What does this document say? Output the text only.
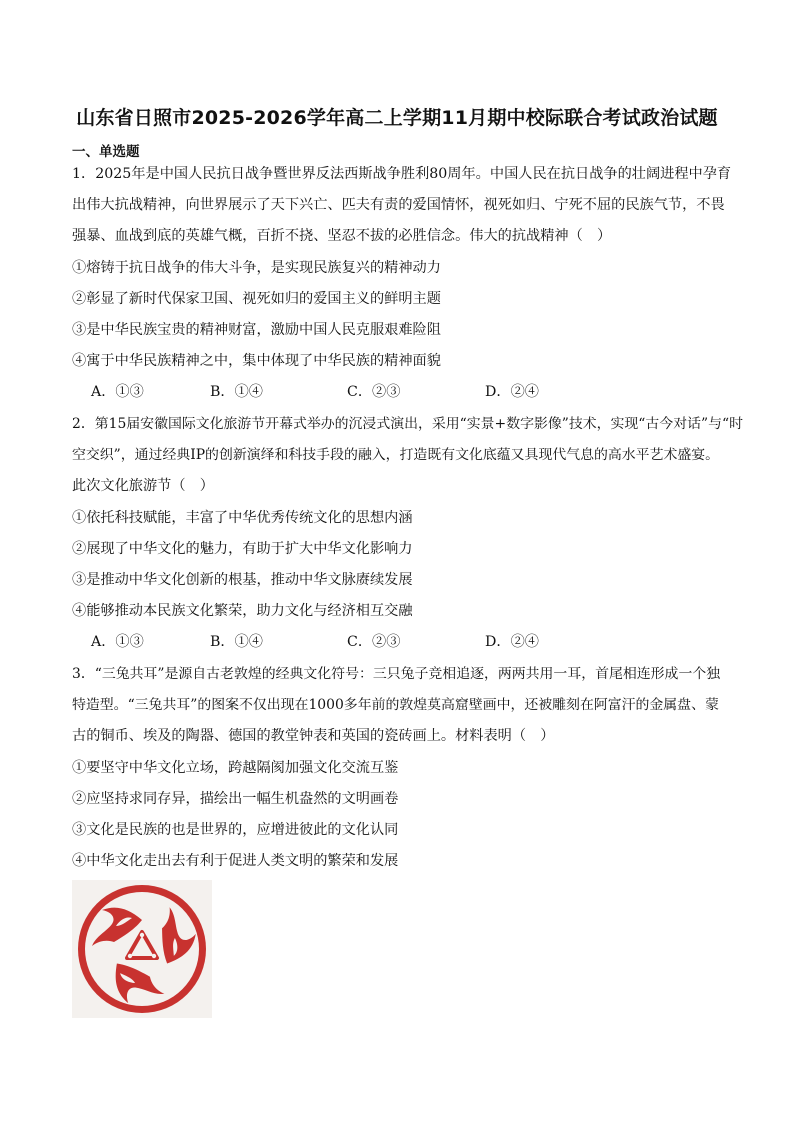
山东省日照市2025-2026学年高二上学期11月期中校际联合考试政治试题
一、单选题
1．2025年是中国人民抗日战争暨世界反法西斯战争胜利80周年。中国人民在抗日战争的壮阔进程中孕育
出伟大抗战精神，向世界展示了天下兴亡、匹夫有责的爱国情怀，视死如归、宁死不屈的民族气节，不畏
强暴、血战到底的英雄气概，百折不挠、坚忍不拔的必胜信念。伟大的抗战精神（　）
①熔铸于抗日战争的伟大斗争，是实现民族复兴的精神动力
②彰显了新时代保家卫国、视死如归的爱国主义的鲜明主题
③是中华民族宝贵的精神财富，激励中国人民克服艰难险阻
④寓于中华民族精神之中，集中体现了中华民族的精神面貌
A．①③	B．①④	C．②③	D．②④
2．第15届安徽国际文化旅游节开幕式举办的沉浸式演出，采用“实景+数字影像”技术，实现“古今对话”与“时
空交织”，通过经典IP的创新演绎和科技手段的融入，打造既有文化底蕴又具现代气息的高水平艺术盛宴。
此次文化旅游节（　）
①依托科技赋能，丰富了中华优秀传统文化的思想内涵
②展现了中华文化的魅力，有助于扩大中华文化影响力
③是推动中华文化创新的根基，推动中华文脉赓续发展
④能够推动本民族文化繁荣，助力文化与经济相互交融
A．①③	B．①④	C．②③	D．②④
3．“三兔共耳”是源自古老敦煌的经典文化符号：三只兔子竞相追逐，两两共用一耳，首尾相连形成一个独
特造型。“三兔共耳”的图案不仅出现在1000多年前的敦煌莫高窟壁画中，还被雕刻在阿富汗的金属盘、蒙
古的铜币、埃及的陶器、德国的教堂钟表和英国的瓷砖画上。材料表明（　）
①要坚守中华文化立场，跨越隔阂加强文化交流互鉴
②应坚持求同存异，描绘出一幅生机盎然的文明画卷
③文化是民族的也是世界的，应增进彼此的文化认同
④中华文化走出去有利于促进人类文明的繁荣和发展
